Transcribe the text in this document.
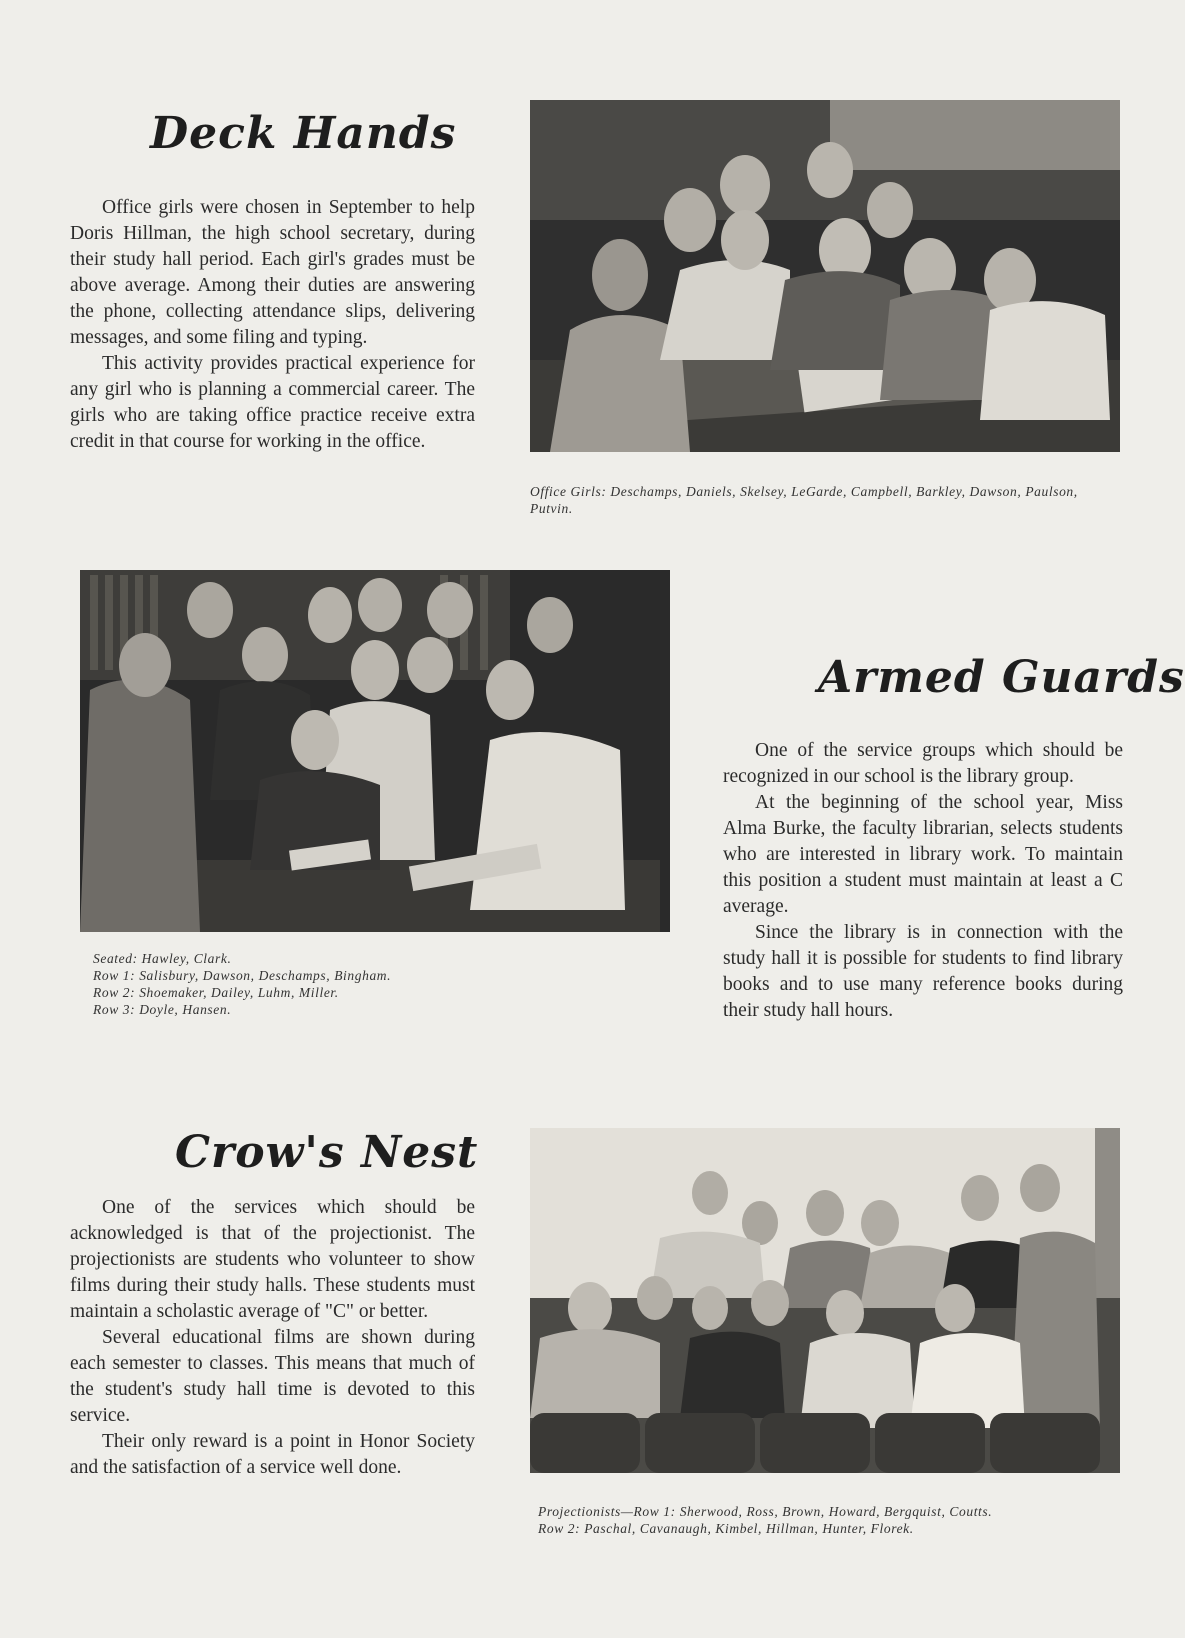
Deck Hands

Office girls were chosen in September to help Doris Hillman, the high school secretary, during their study hall period. Each girl's grades must be above average. Among their duties are answering the phone, collecting attendance slips, delivering messages, and some filing and typing.

This activity provides practical experience for any girl who is planning a commercial career. The girls who are taking office practice receive extra credit in that course for working in the office.

Office Girls: Deschamps, Daniels, Skelsey, LeGarde, Campbell, Barkley, Dawson, Paulson, Putvin.
Seated: Hawley, Clark.
Row 1: Salisbury, Dawson, Deschamps, Bingham.
Row 2: Shoemaker, Dailey, Luhm, Miller.
Row 3: Doyle, Hansen.
Armed Guards

One of the service groups which should be recognized in our school is the library group.

At the beginning of the school year, Miss Alma Burke, the faculty librarian, selects students who are interested in library work. To maintain this position a student must maintain at least a C average.

Since the library is in connection with the study hall it is possible for students to find library books and to use many reference books during their study hall hours.

Crow's Nest

One of the services which should be acknowledged is that of the projectionist. The projectionists are students who volunteer to show films during their study halls. These students must maintain a scholastic average of "C" or better.

Several educational films are shown during each semester to classes. This means that much of the student's study hall time is devoted to this service.

Their only reward is a point in Honor Society and the satisfaction of a service well done.

Projectionists—Row 1: Sherwood, Ross, Brown, Howard, Bergquist, Coutts.
Row 2: Paschal, Cavanaugh, Kimbel, Hillman, Hunter, Florek.
